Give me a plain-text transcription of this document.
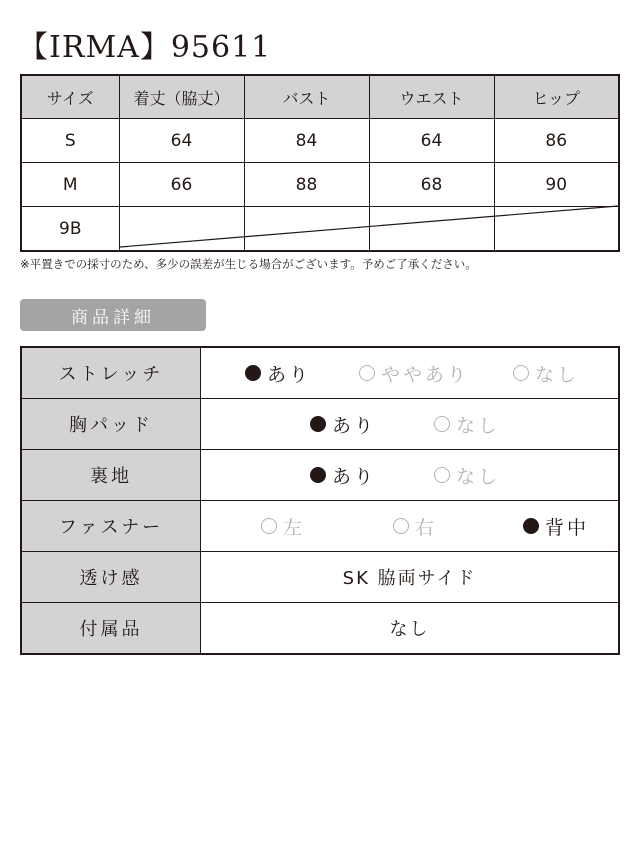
【IRMA】95611
サイズ	着丈（脇丈）	バスト	ウエスト	ヒップ
S	64	84	64	86
M	66	88	68	90
9B				
※平置きでの採寸のため、多少の誤差が生じる場合がございます。予めご了承ください。
商品詳細
ストレッチ	あり ややあり なし

胸パッド	あり なし

裏地	あり なし

ファスナー	左 右 背中

透け感	SK 脇両サイド
付属品	なし
